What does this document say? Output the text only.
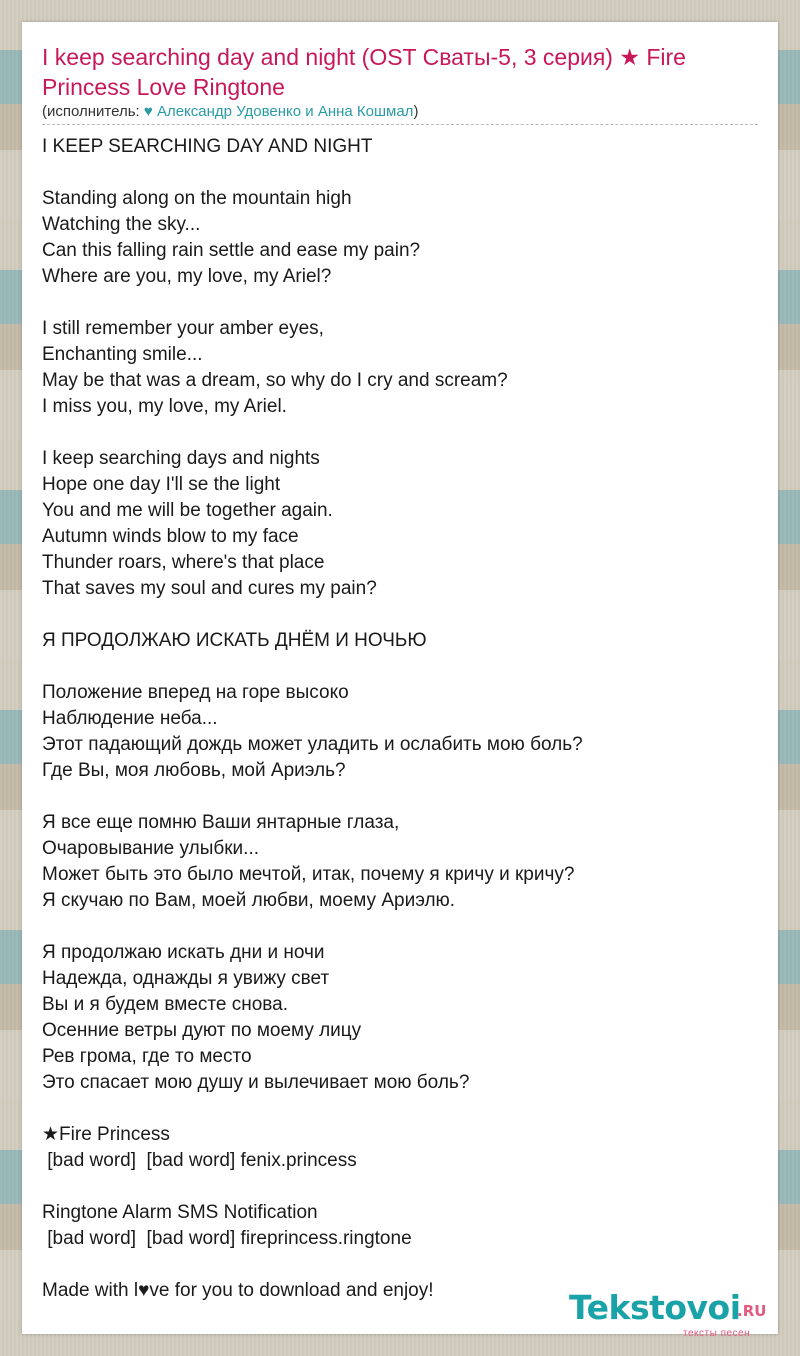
I keep searching day and night (OST Сваты-5, 3 серия) ★ Fire Princess Love Ringtone
(исполнитель: ♥ Александр Удовенко и Анна Кошмал)
I KEEP SEARCHING DAY AND NIGHT
Standing along on the mountain high
Watching the sky...
Can this falling rain settle and ease my pain?
Where are you, my love, my Ariel?
I still remember your amber eyes,
Enchanting smile...
May be that was a dream, so why do I cry and scream?
I miss you, my love, my Ariel.
I keep searching days and nights
Hope one day I'll se the light
You and me will be together again.
Autumn winds blow to my face
Thunder roars, where's that place
That saves my soul and cures my pain?
Я ПРОДОЛЖАЮ ИСКАТЬ ДНЁМ И НОЧЬЮ
Положение вперед на горе высоко
Наблюдение неба...
Этот падающий дождь может уладить и ослабить мою боль?
Где Вы, моя любовь, мой Ариэль?
Я все еще помню Ваши янтарные глаза,
Очаровывание улыбки...
Может быть это было мечтой, итак, почему я кричу и кричу?
Я скучаю по Вам, моей любви, моему Ариэлю.
Я продолжаю искать дни и ночи
Надежда, однажды я увижу свет
Вы и я будем вместе снова.
Осенние ветры дуют по моему лицу
Рев грома, где то место
Это спасает мою душу и вылечивает мою боль?
★Fire Princess
[bad word]  [bad word] fenix.princess
Ringtone Alarm SMS Notification
[bad word]  [bad word] fireprincess.ringtone
Made with l♥ve for you to download and enjoy!	Tekstovoi
.RU
тексты песен
